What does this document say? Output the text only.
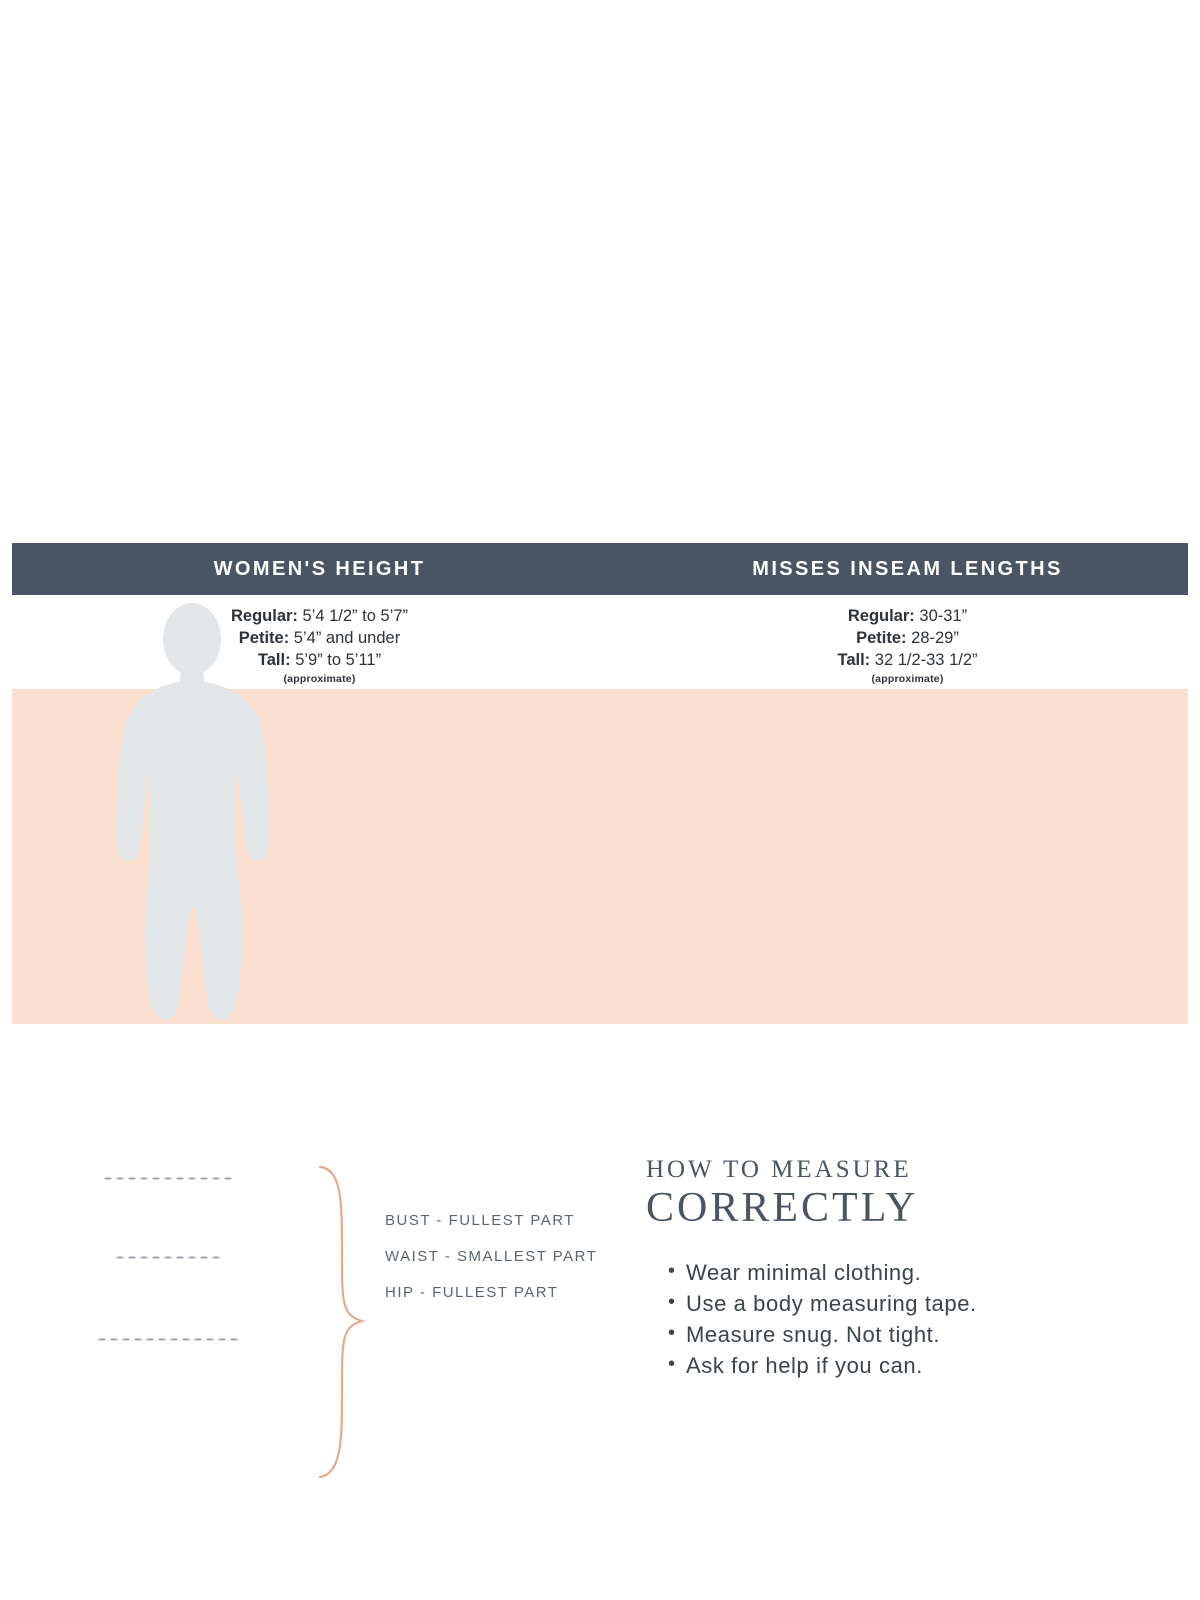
WOMEN'S HEIGHT	MISSES INSEAM LENGTHS
Regular: 5’4 1/2” to 5’7”
Petite: 5’4” and under
Tall: 5’9” to 5’11”
(approximate)
Regular: 30-31”
Petite: 28-29”
Tall: 32 1/2-33 1/2”
(approximate)
BUST - FULLEST PART
WAIST - SMALLEST PART
HIP - FULLEST PART
HOW TO MEASURE
CORRECTLY
• Wear minimal clothing.
• Use a body measuring tape.
• Measure snug. Not tight.
• Ask for help if you can.
